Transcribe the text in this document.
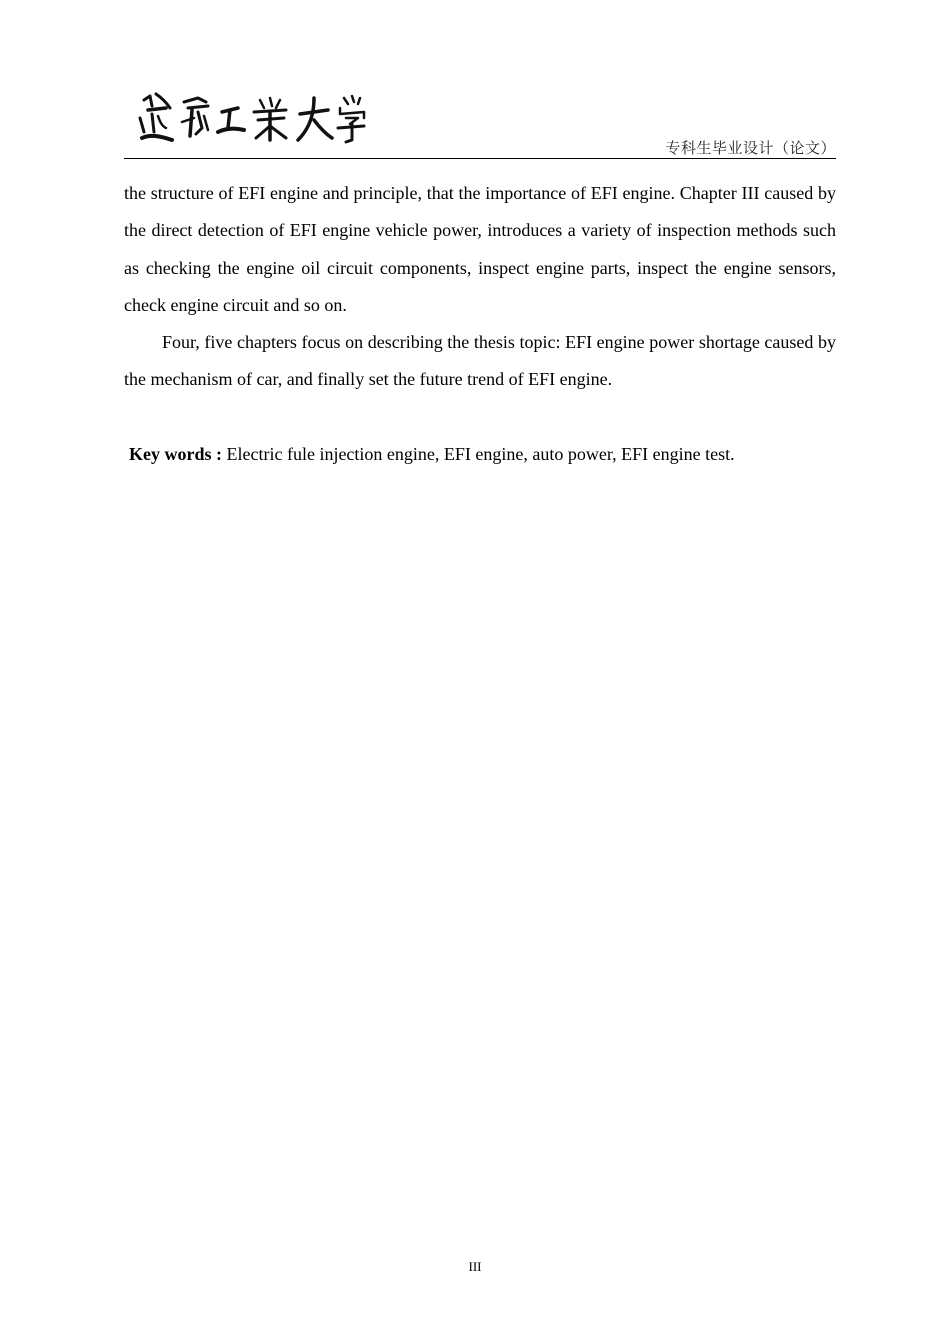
专科生毕业设计（论文）

the structure of EFI engine and principle, that the importance of EFI engine. Chapter III caused by the direct detection of EFI engine vehicle power, introduces a variety of inspection methods such as checking the engine oil circuit components, inspect engine parts, inspect the engine sensors, check engine circuit and so on.

Four, five chapters focus on describing the thesis topic: EFI engine power shortage caused by the mechanism of car, and finally set the future trend of EFI engine.

Key words : Electric fule injection engine, EFI engine, auto power, EFI engine test.
III
